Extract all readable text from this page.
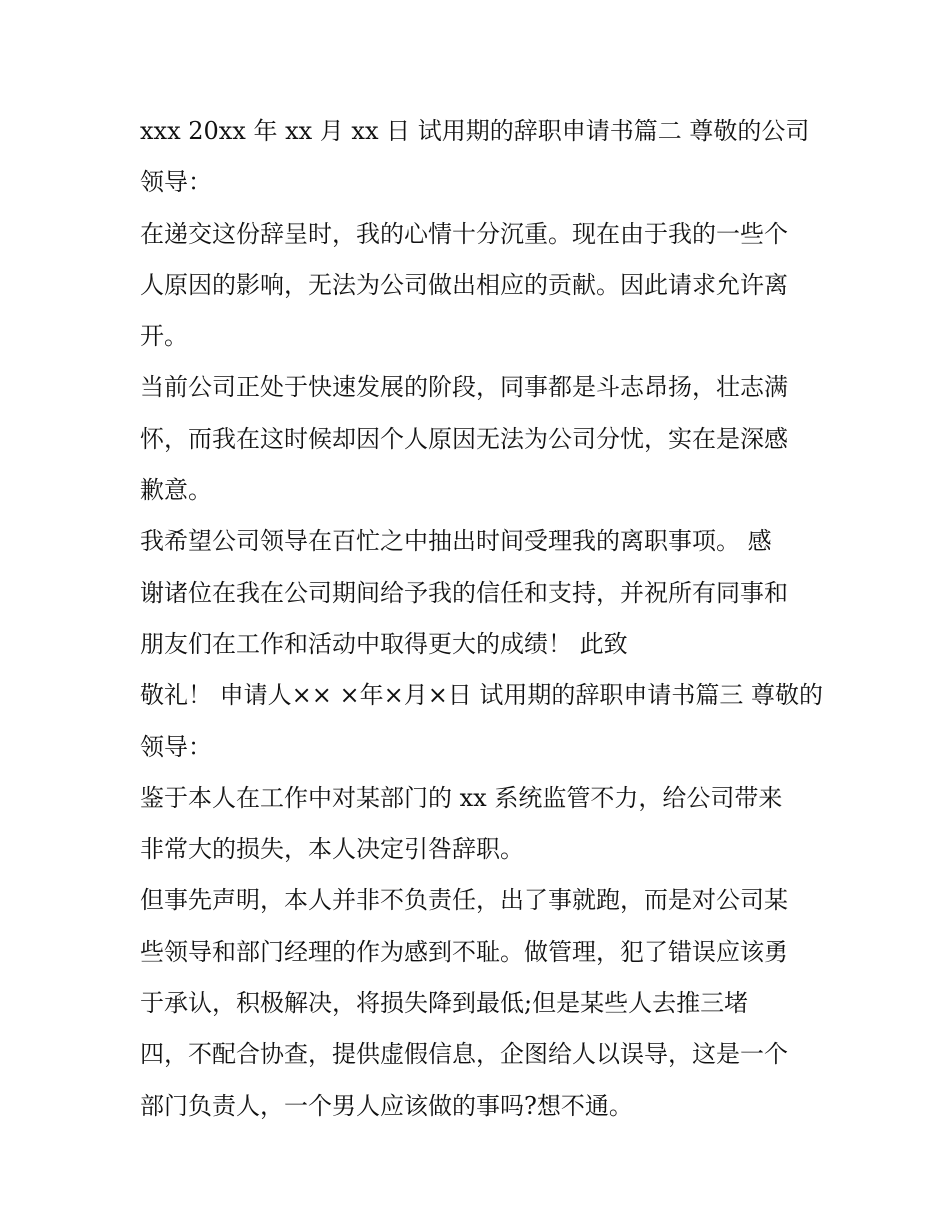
xxx 20xx 年 xx 月 xx 日 试用期的辞职申请书篇二 尊敬的公司
领导：
在递交这份辞呈时，我的心情十分沉重。现在由于我的一些个
人原因的影响，无法为公司做出相应的贡献。因此请求允许离
开。
当前公司正处于快速发展的阶段，同事都是斗志昂扬，壮志满
怀，而我在这时候却因个人原因无法为公司分忧，实在是深感
歉意。
我希望公司领导在百忙之中抽出时间受理我的离职事项。 感
谢诸位在我在公司期间给予我的信任和支持，并祝所有同事和
朋友们在工作和活动中取得更大的成绩！ 此致
敬礼！ 申请人×× ×年×月×日 试用期的辞职申请书篇三 尊敬的
领导：
鉴于本人在工作中对某部门的 xx 系统监管不力，给公司带来
非常大的损失，本人决定引咎辞职。
但事先声明，本人并非不负责任，出了事就跑，而是对公司某
些领导和部门经理的作为感到不耻。做管理，犯了错误应该勇
于承认，积极解决，将损失降到最低;但是某些人去推三堵
四，不配合协查，提供虚假信息，企图给人以误导，这是一个
部门负责人，一个男人应该做的事吗?想不通。
